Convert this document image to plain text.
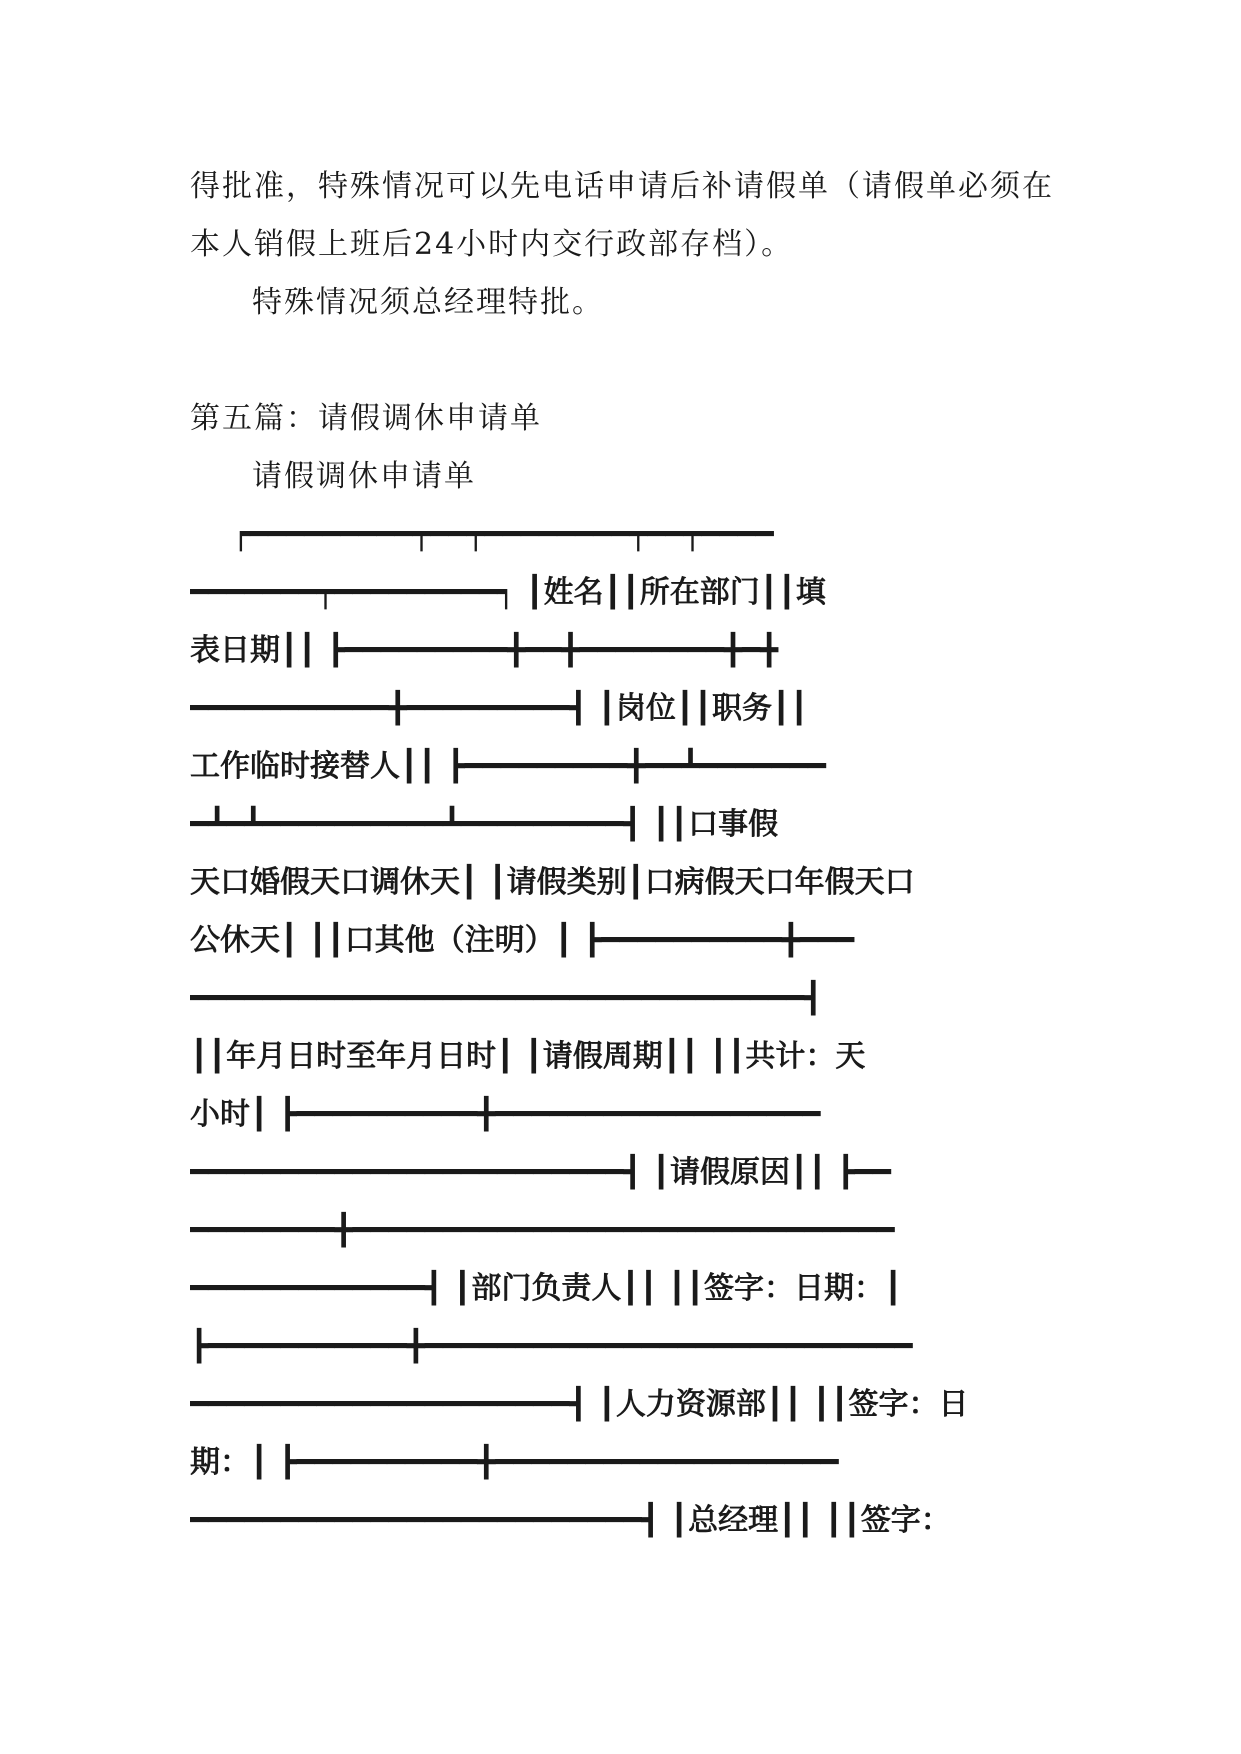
得批准，特殊情况可以先电话申请后补请假单（请假单必须在本人销假上班后24小时内交行政部存档）。

特殊情况须总经理特批。

第五篇：请假调休申请单

请假调休申请单

┍━━━━━━━━━┯━━┯━━━━━━━━┯━━┯━━━━

━━━━━━━┯━━━━━━━━━┑ ┃姓名┃┃所在部门┃┃填

表日期┃┃ ┣━━━━━━━━━╋━━╋━━━━━━━━╋━╋

━━━━━━━━━━━╋━━━━━━━━━┫ ┃岗位┃┃职务┃┃

工作临时接替人┃┃ ┣━━━━━━━━━╋━━┻━━━━━━━

━┻━┻━━━━━━━━━━┻━━━━━━━━━┫ ┃┃口事假

天口婚假天口调休天┃ ┃请假类别┃口病假天口年假天口

公休天┃ ┃┃口其他（注明）┃ ┣━━━━━━━━━━╋━━━

━━━━━━━━━━━━━━━━━━━━━━━━━━━━━━━━━━┫

┃┃年月日时至年月日时┃ ┃请假周期┃┃ ┃┃共计：天

小时┃ ┣━━━━━━━━━━╋━━━━━━━━━━━━━━━━━━

━━━━━━━━━━━━━━━━━━━━━━━━┫ ┃请假原因┃┃ ┣━━

━━━━━━━━╋━━━━━━━━━━━━━━━━━━━━━━━━━━━━━━

━━━━━━━━━━━━━┫ ┃部门负责人┃┃ ┃┃签字：日期：┃

┣━━━━━━━━━━━╋━━━━━━━━━━━━━━━━━━━━━━━━━━━

━━━━━━━━━━━━━━━━━━━━━┫ ┃人力资源部┃┃ ┃┃签字：日

期：┃ ┣━━━━━━━━━━╋━━━━━━━━━━━━━━━━━━━

━━━━━━━━━━━━━━━━━━━━━━━━━┫ ┃总经理┃┃ ┃┃签字：
